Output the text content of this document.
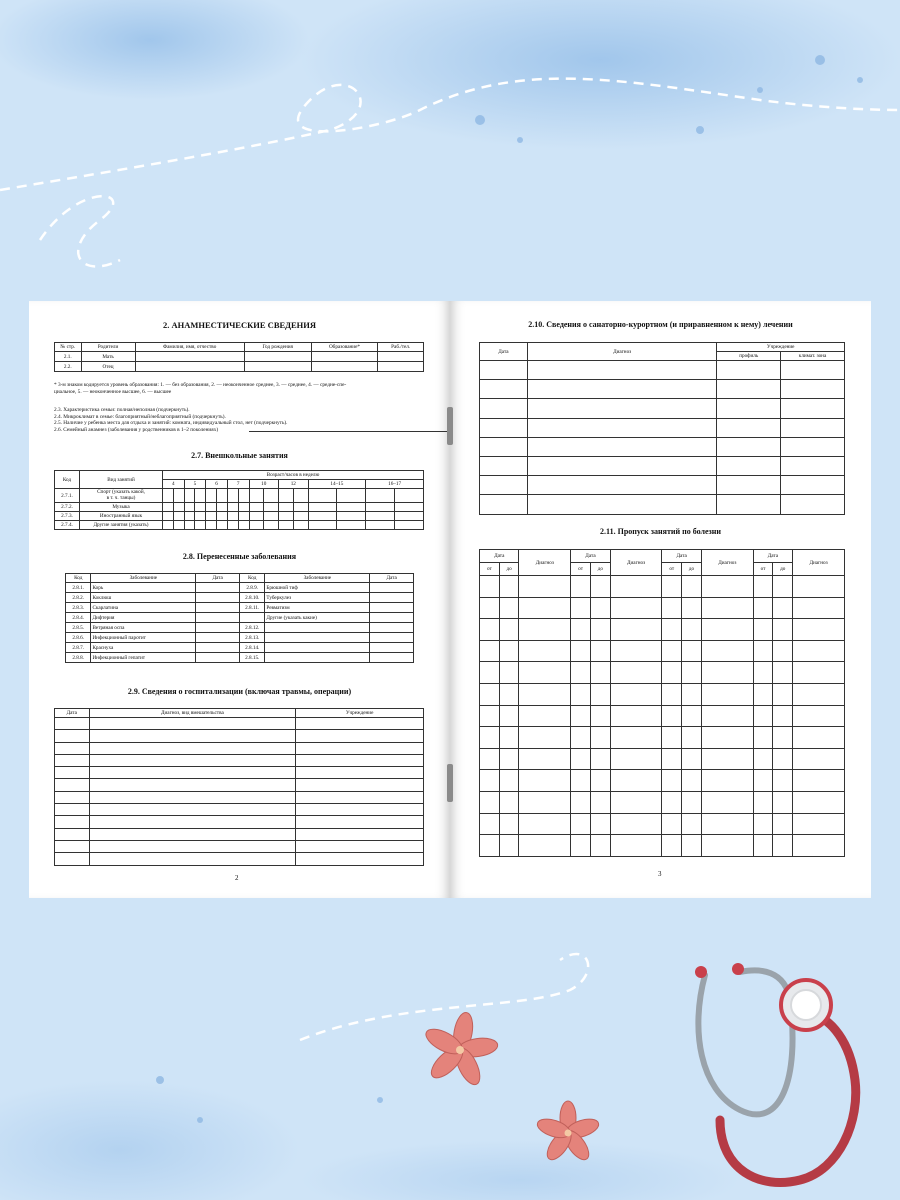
2. АНАМНЕСТИЧЕСКИЕ СВЕДЕНИЯ
№ стр.	Родители	Фамилия, имя, отчество	Год рождения	Образование*	Раб./тел.
2.1.	Мать				
2.2.	Отец				
* 3-м знаком кодируется уровень образования: 1. — без образования, 2. — неоконченное среднее, 3. — среднее, 4. — средне-спе-
циальное, 5. — неоконченное высшее, 6. — высшее
2.3. Характеристика семьи: полная/неполная (подчеркнуть).
2.4. Микроклимат в семье: благоприятный/неблагоприятный (подчеркнуть).
2.5. Наличие у ребенка места для отдыха и занятий: комната, индивидуальный стол, нет (подчеркнуть).
2.6. Семейный анамнез (заболевания у родственников в 1–2 поколениях)
2.7. Внешкольные занятия
Код	Вид занятий	Возраст/часов в неделю															
		4		5		6		7		10		12		14–15		16–17	
2.7.1.	Спорт (указать какой,
в т. ч. танцы)																

2.7.2.	Музыка																
2.7.3.	Иностранный язык																
2.7.4.	Другие занятия (указать)																
2.8. Перенесенные заболевания
Код	Заболевание	Дата	Код	Заболевание	Дата
2.8.1.	Корь		2.8.9.	Брюшной тиф	
2.8.2.	Коклюш		2.8.10.	Туберкулез	
2.8.3.	Скарлатина		2.8.11.	Ревматизм	
2.8.4.	Дифтерия			Другие (указать какие)	
2.8.5.	Ветряная оспа		2.8.12.		
2.8.6.	Инфекционный паротит		2.8.13.		
2.8.7.	Краснуха		2.8.14.		
2.8.8.	Инфекционный гепатит		2.8.15.		
2.9. Сведения о госпитализации (включая травмы, операции)
Дата	Диагноз, вид вмешательства	Учреждение

2
2.10. Сведения о санаторно-курортном (и приравненном к нему) лечении
Дата	Диагноз	Учреждение	
		профиль	климат. зона

2.11. Пропуск занятий по болезни
Дата		Диагноз	Дата		Диагноз	Дата		Диагноз	Дата		Диагноз
от	до		от	до		от	до		от	до	

3
